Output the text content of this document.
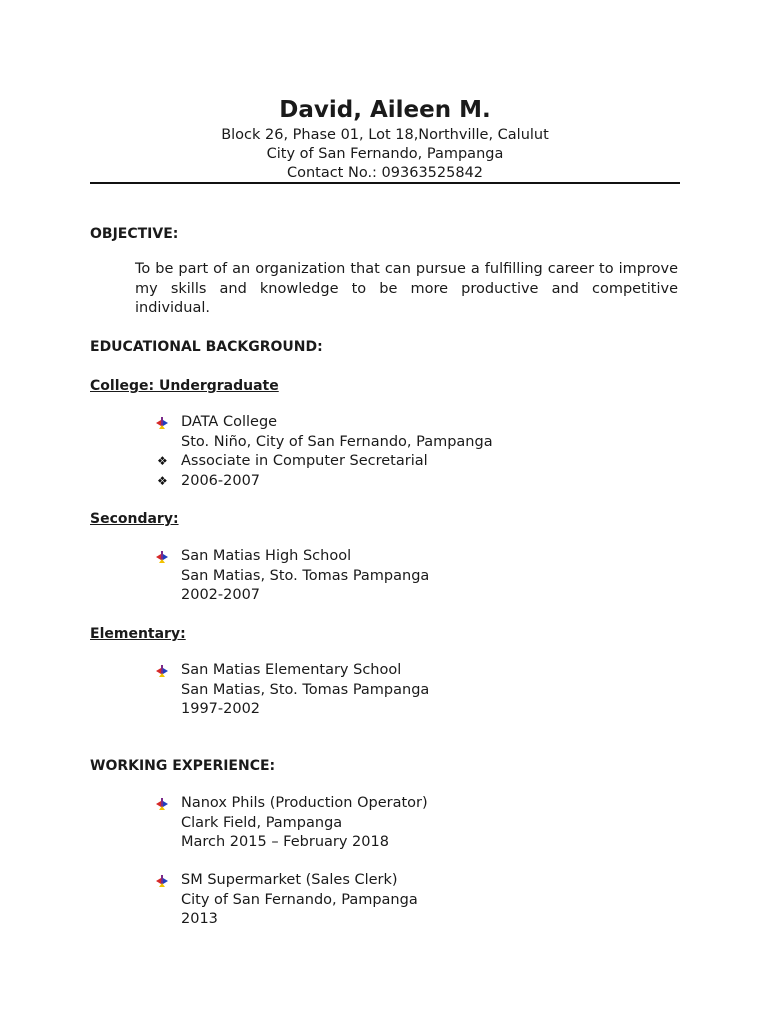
David, Aileen M.

Block 26, Phase 01, Lot 18,Northville, Calulut

City of San Fernando, Pampanga

Contact No.: 09363525842

OBJECTIVE:

To be part of an organization that can pursue a fulfilling career to improve my skills and knowledge to be more productive and competitive individual.

EDUCATIONAL BACKGROUND:

College: Undergraduate

DATA College
Sto. Niño, City of San Fernando, Pampanga
❖ Associate in Computer Secretarial
❖ 2006-2007

Secondary:

San Matias High School
San Matias, Sto. Tomas Pampanga
2002-2007

Elementary:

San Matias Elementary School
San Matias, Sto. Tomas Pampanga
1997-2002

WORKING EXPERIENCE:

Nanox Phils (Production Operator)
Clark Field, Pampanga
March 2015 – February 2018
SM Supermarket (Sales Clerk)
City of San Fernando, Pampanga
2013
